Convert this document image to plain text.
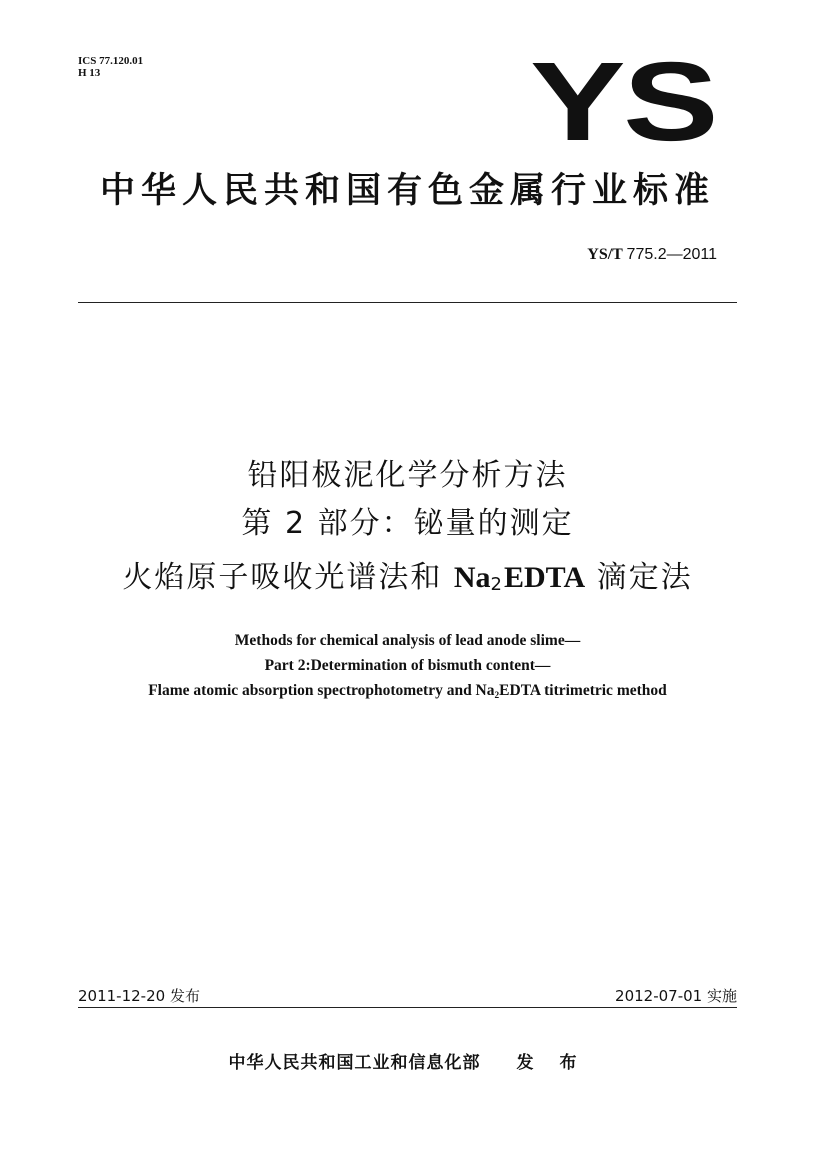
ICS 77.120.01
H 13	YS
中华人民共和国有色金属行业标准
YS/T 775.2—2011
铅阳极泥化学分析方法
第 2 部分：铋量的测定
火焰原子吸收光谱法和 $Na_2EDTA$ 滴定法
Methods for chemical analysis of lead anode slime—
Part 2:Determination of bismuth content—
Flame atomic absorption spectrophotometry and $Na_2EDTA$ titrimetric method
2011-12-20 发布	2012-07-01 实施
中华人民共和国工业和信息化部 发 布
